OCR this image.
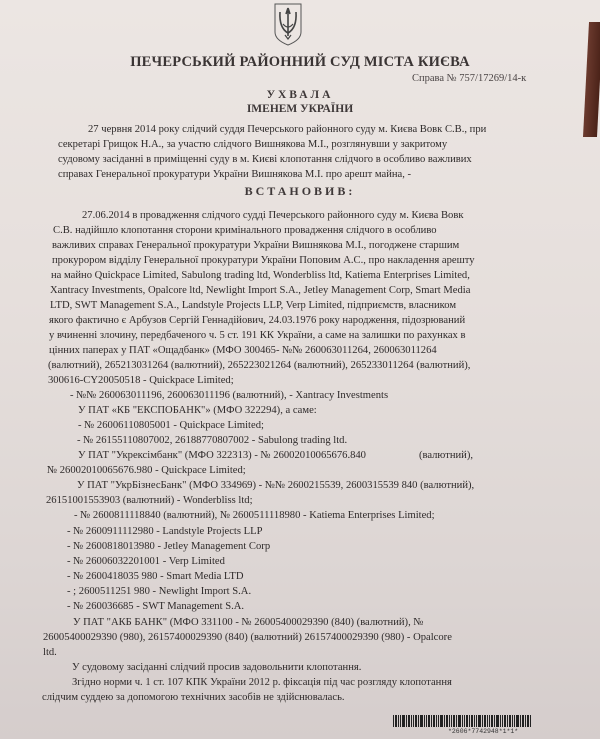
ПЕЧЕРСЬКИЙ РАЙОННИЙ СУД МІСТА КИЄВА
Справа № 757/17269/14-к
УХВАЛА
ІМЕНЕМ УКРАЇНИ
27 червня 2014 року слідчий суддя Печерського районного суду м. Києва Вовк С.В., при
секретарі Грищок Н.А., за участю слідчого Вишнякова М.І., розглянувши у закритому
судовому засіданні в приміщенні суду в м. Києві клопотання слідчого в особливо важливих
справах Генеральної прокуратури України Вишнякова М.І. про арешт майна, -
ВСТАНОВИВ:
27.06.2014 в провадження слідчого судді Печерського районного суду м. Києва Вовк
С.В. надійшло клопотання сторони кримінального провадження слідчого в особливо
важливих справах Генеральної прокуратури України Вишнякова М.І., погоджене старшим
прокурором відділу Генеральної прокуратури України Поповим А.С., про накладення арешту
на майно Quickpace Limited, Sabulong trading ltd, Wonderbliss ltd, Katiema Enterprises Limited,
Xantracy Investments, Opalcore ltd, Newlight Import S.A., Jetley Management Corp, Smart Media
LTD, SWT Management S.A., Landstyle Projects LLP, Verp Limited, підприємств, власником
якого фактично є Арбузов Сергій Геннадійович, 24.03.1976 року народження, підозрюваний
у вчиненні злочину, передбаченого ч. 5 ст. 191 КК України, а саме на залишки по рахунках в
цінних паперах у ПАТ «Ощадбанк» (МФО 300465- №№ 260063011264, 260063011264
(валютний), 265213031264 (валютний), 265223021264 (валютний), 265233011264 (валютний),
300616-CY20050518 - Quickpace Limited;
- №№ 260063011196, 260063011196 (валютний), - Xantracy Investments
У ПАТ «КБ "ЕКСПОБАНК"» (МФО 322294), а саме:
- № 26006110805001 - Quickpace Limited;
- № 26155110807002, 26188770807002 - Sabulong trading ltd.
У ПАТ "Укрексімбанк" (МФО 322313) - № 26002010065676.840                    (валютний),
№ 26002010065676.980 - Quickpace Limited;
У ПАТ "УкрБізнесБанк" (МФО 334969) - №№ 2600215539, 2600315539 840 (валютний),
26151001553903 (валютний) - Wonderbliss ltd;
- № 2600811118840 (валютний), № 2600511118980 - Katiema Enterprises Limited;
- № 2600911112980 - Landstyle Projects LLP
- № 2600818013980 - Jetley Management Corp
- № 26006032201001 - Verp Limited
- № 2600418035 980 - Smart Media LTD
- ; 2600511251 980 - Newlight Import S.A.
- № 260036685 - SWT Management S.A.
У ПАТ "АКБ БАНК" (МФО 331100 - № 26005400029390 (840) (валютний), №
26005400029390 (980), 26157400029390 (840) (валютний) 26157400029390 (980) - Opalcore
ltd.
У судовому засіданні слідчий просив задовольнити клопотання.
Згідно норми ч. 1 ст. 107 КПК України 2012 р. фіксація під час розгляду клопотання
слідчим суддею за допомогою технічних засобів не здійснювалась.
*2606*7742948*1*1*
